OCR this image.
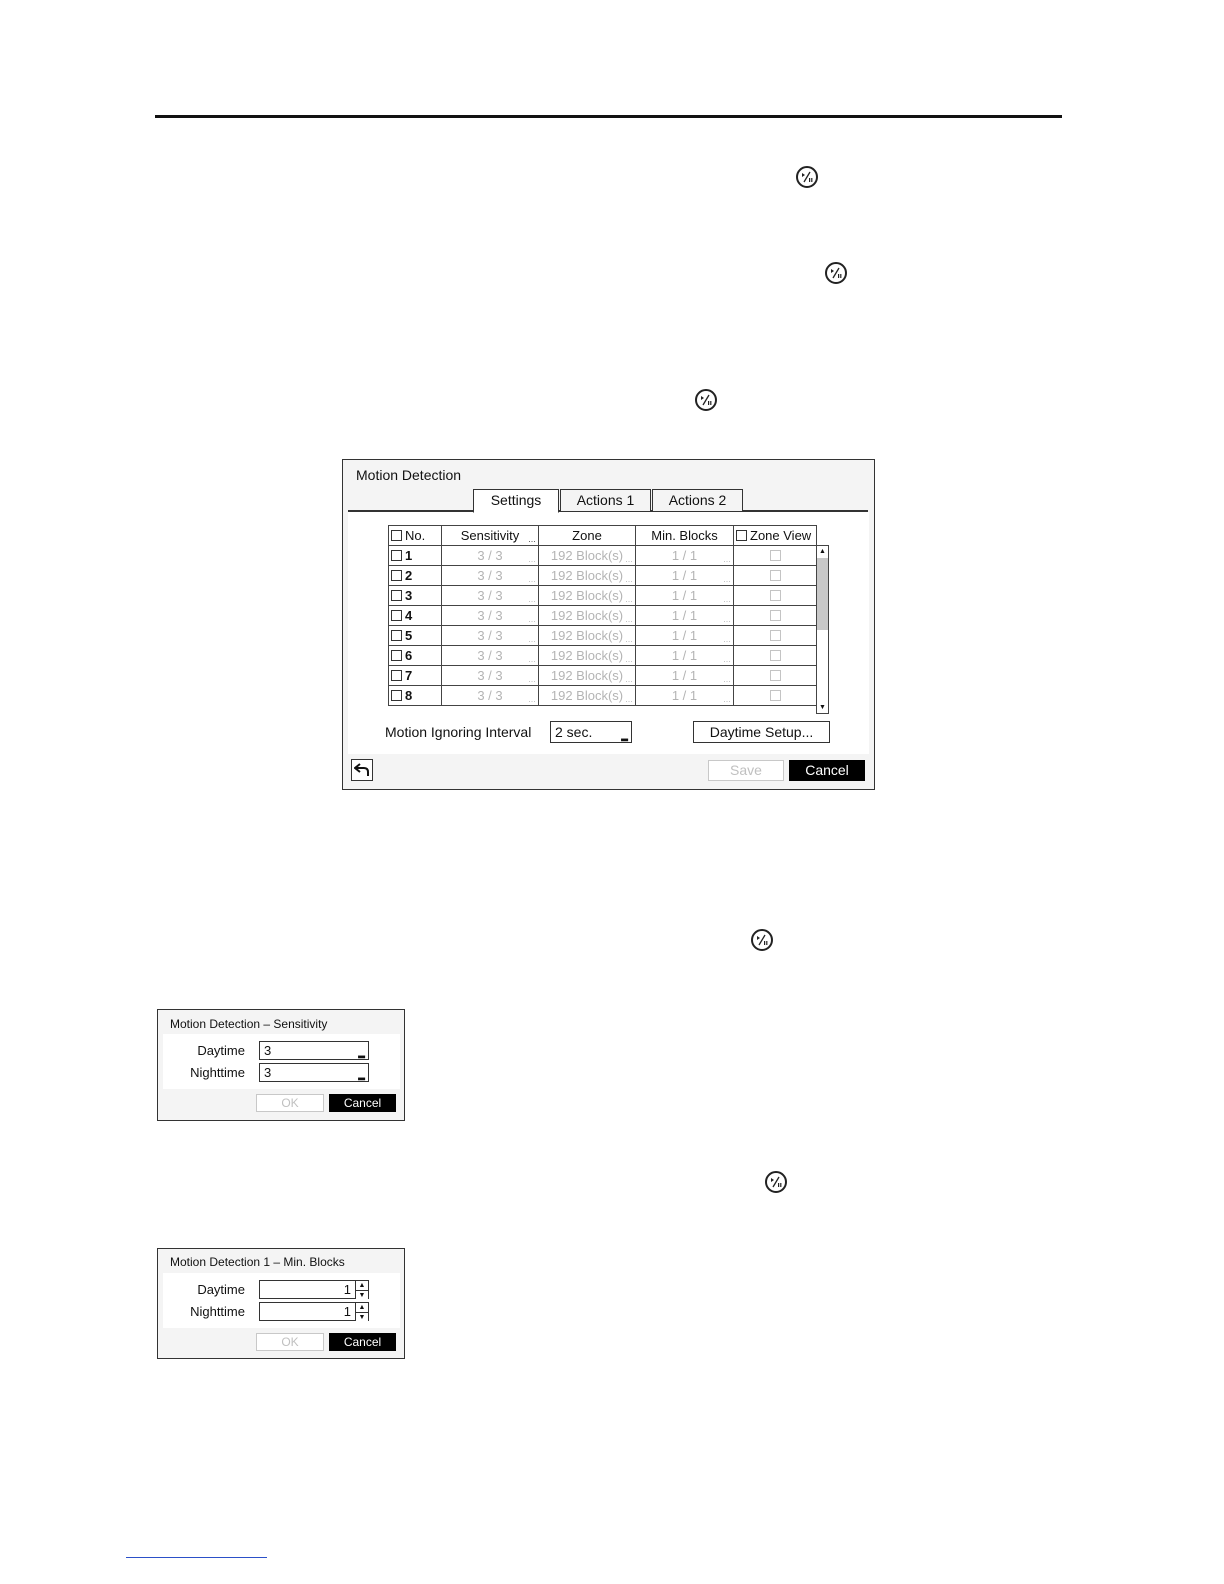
Motion Detection
Settings	Actions 1	Actions 2
No.	Sensitivity …	Zone	Min. Blocks	Zone View
1	3 / 3 …	192 Block(s) …	1 / 1 …	

2	3 / 3 …	192 Block(s) …	1 / 1 …	

3	3 / 3 …	192 Block(s) …	1 / 1 …	

4	3 / 3 …	192 Block(s) …	1 / 1 …	

5	3 / 3 …	192 Block(s) …	1 / 1 …	

6	3 / 3 …	192 Block(s) …	1 / 1 …	

7	3 / 3 …	192 Block(s) …	1 / 1 …	

8	3 / 3 …	192 Block(s) …	1 / 1 …	

▲
▼
Motion Ignoring Interval	2 sec.	▂	Daytime Setup...
Save	Cancel
Motion Detection – Sensitivity
Daytime	3	▂
Nighttime	3	▂
OK	Cancel
Motion Detection 1 – Min. Blocks
Daytime	1	▲
▼
Nighttime	1	▲
▼
OK	Cancel
